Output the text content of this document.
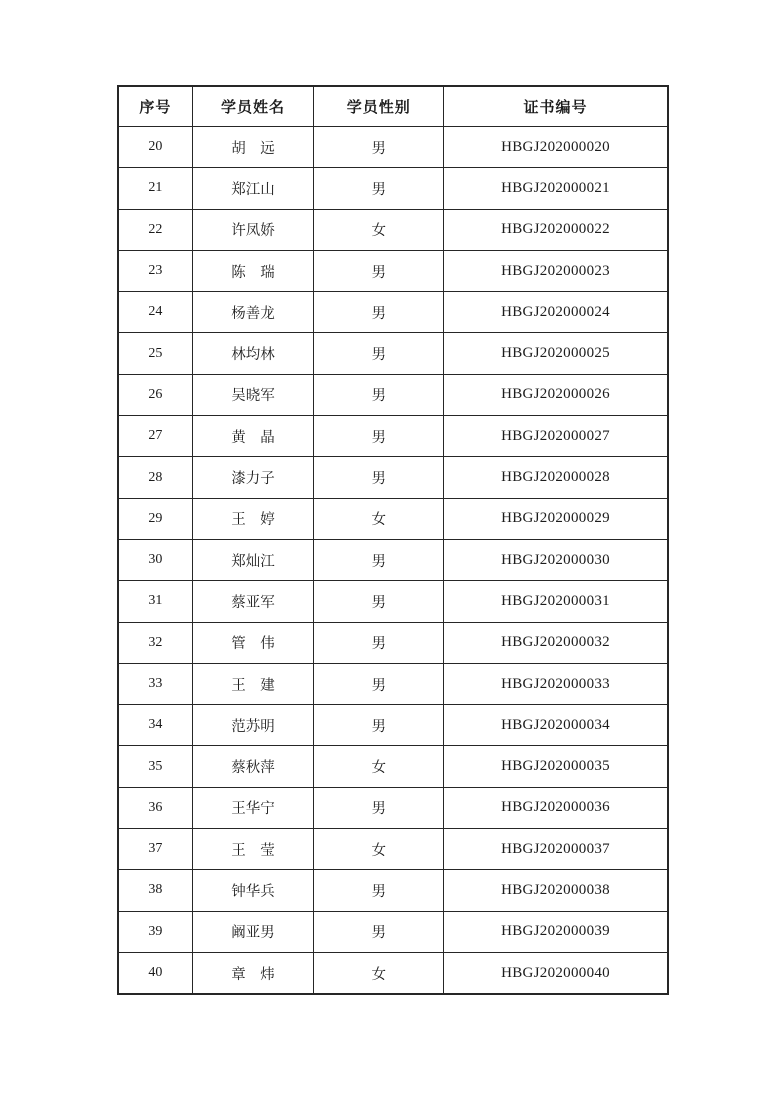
序号	学员姓名	学员性别	证书编号
20	胡　远	男	HBGJ202000020
21	郑江山	男	HBGJ202000021
22	许凤娇	女	HBGJ202000022
23	陈　瑞	男	HBGJ202000023
24	杨善龙	男	HBGJ202000024
25	林均林	男	HBGJ202000025
26	吴晓军	男	HBGJ202000026
27	黄　晶	男	HBGJ202000027
28	漆力子	男	HBGJ202000028
29	王　婷	女	HBGJ202000029
30	郑灿江	男	HBGJ202000030
31	蔡亚军	男	HBGJ202000031
32	管　伟	男	HBGJ202000032
33	王　建	男	HBGJ202000033
34	范苏明	男	HBGJ202000034
35	蔡秋萍	女	HBGJ202000035
36	王华宁	男	HBGJ202000036
37	王　莹	女	HBGJ202000037
38	钟华兵	男	HBGJ202000038
39	阚亚男	男	HBGJ202000039
40	章　炜	女	HBGJ202000040
